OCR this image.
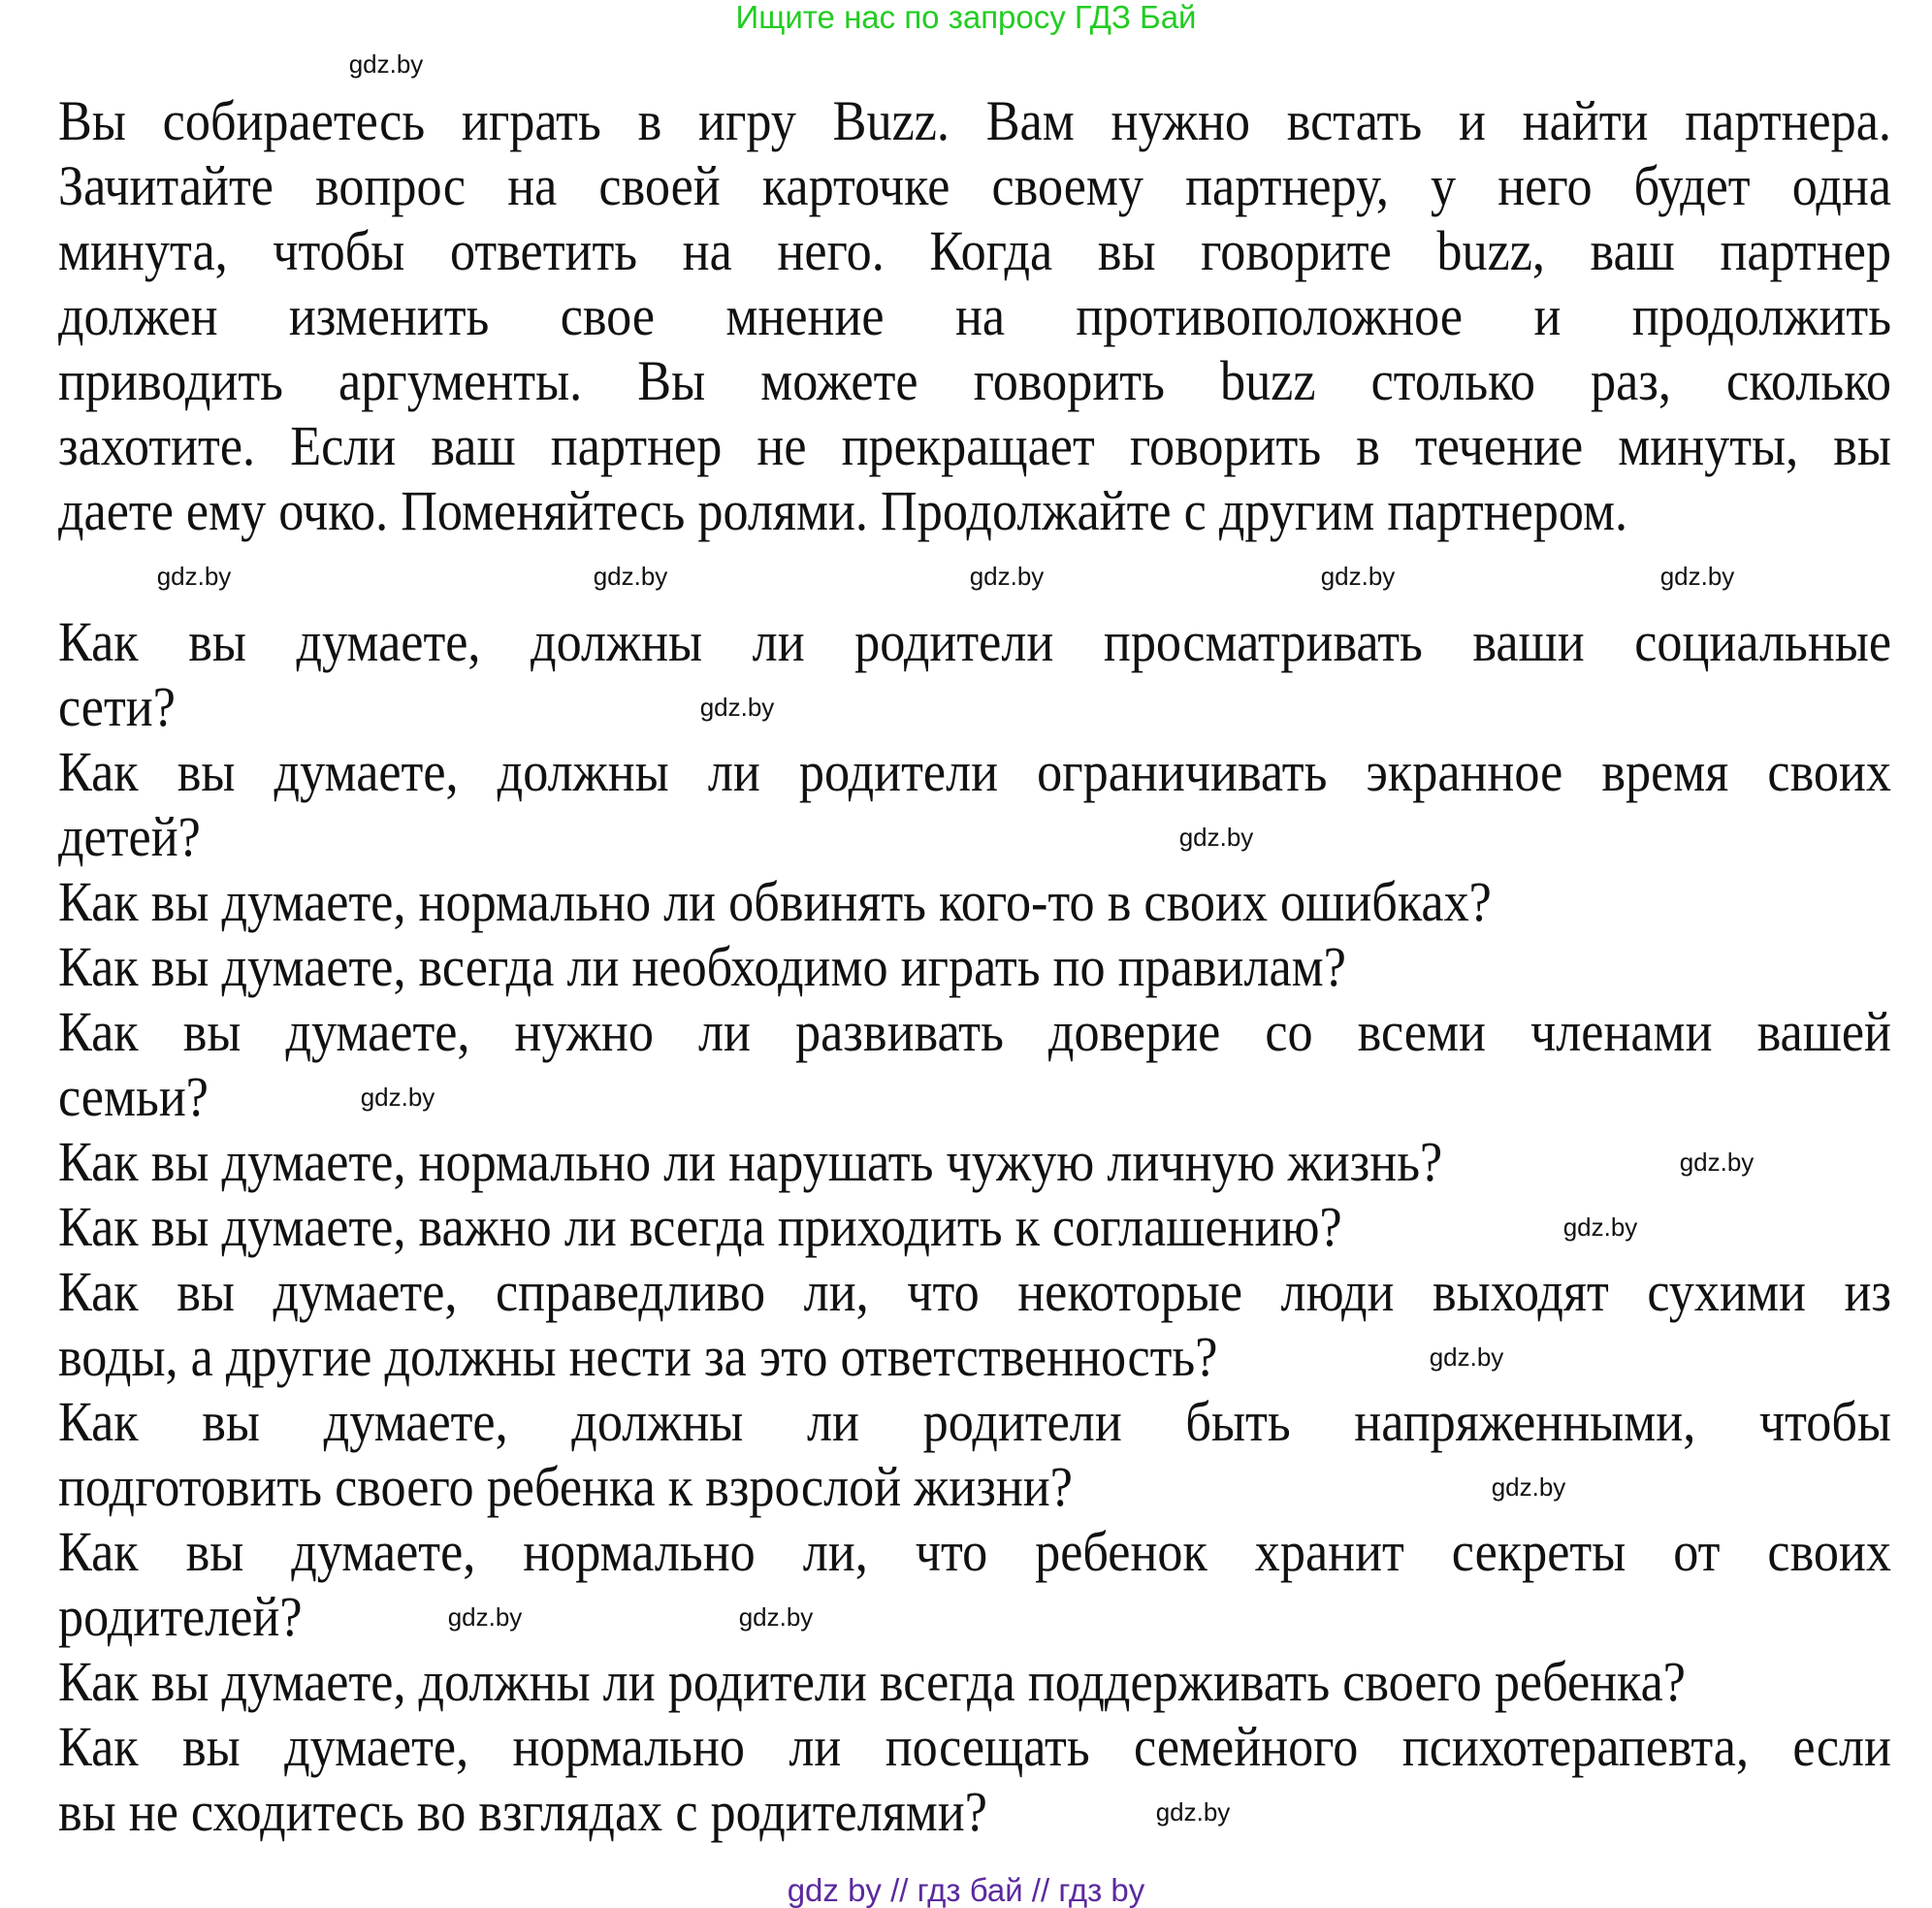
Ищите нас по запросу ГДЗ Бай
Вы собираетесь играть в игру Buzz. Вам нужно встать и найти партнера.
Зачитайте вопрос на своей карточке своему партнеру, у него будет одна
минута, чтобы ответить на него. Когда вы говорите buzz, ваш партнер
должен изменить свое мнение на противоположное и продолжить
приводить аргументы. Вы можете говорить buzz столько раз, сколько
захотите. Если ваш партнер не прекращает говорить в течение минуты, вы
даете ему очко. Поменяйтесь ролями. Продолжайте с другим партнером.
Как вы думаете, должны ли родители просматривать ваши социальные
сети?
Как вы думаете, должны ли родители ограничивать экранное время своих
детей?
Как вы думаете, нормально ли обвинять кого-то в своих ошибках?
Как вы думаете, всегда ли необходимо играть по правилам?
Как вы думаете, нужно ли развивать доверие со всеми членами вашей
семьи?
Как вы думаете, нормально ли нарушать чужую личную жизнь?
Как вы думаете, важно ли всегда приходить к соглашению?
Как вы думаете, справедливо ли, что некоторые люди выходят сухими из
воды, а другие должны нести за это ответственность?
Как вы думаете, должны ли родители быть напряженными, чтобы
подготовить своего ребенка к взрослой жизни?
Как вы думаете, нормально ли, что ребенок хранит секреты от своих
родителей?
Как вы думаете, должны ли родители всегда поддерживать своего ребенка?
Как вы думаете, нормально ли посещать семейного психотерапевта, если
вы не сходитесь во взглядах с родителями?
gdz.by
gdz.by	gdz.by	gdz.by	gdz.by	gdz.by
gdz.by
gdz.by
gdz.by
gdz.by
gdz.by
gdz.by
gdz.by
gdz.by	gdz.by
gdz.by
gdz by // гдз бай // гдз by
